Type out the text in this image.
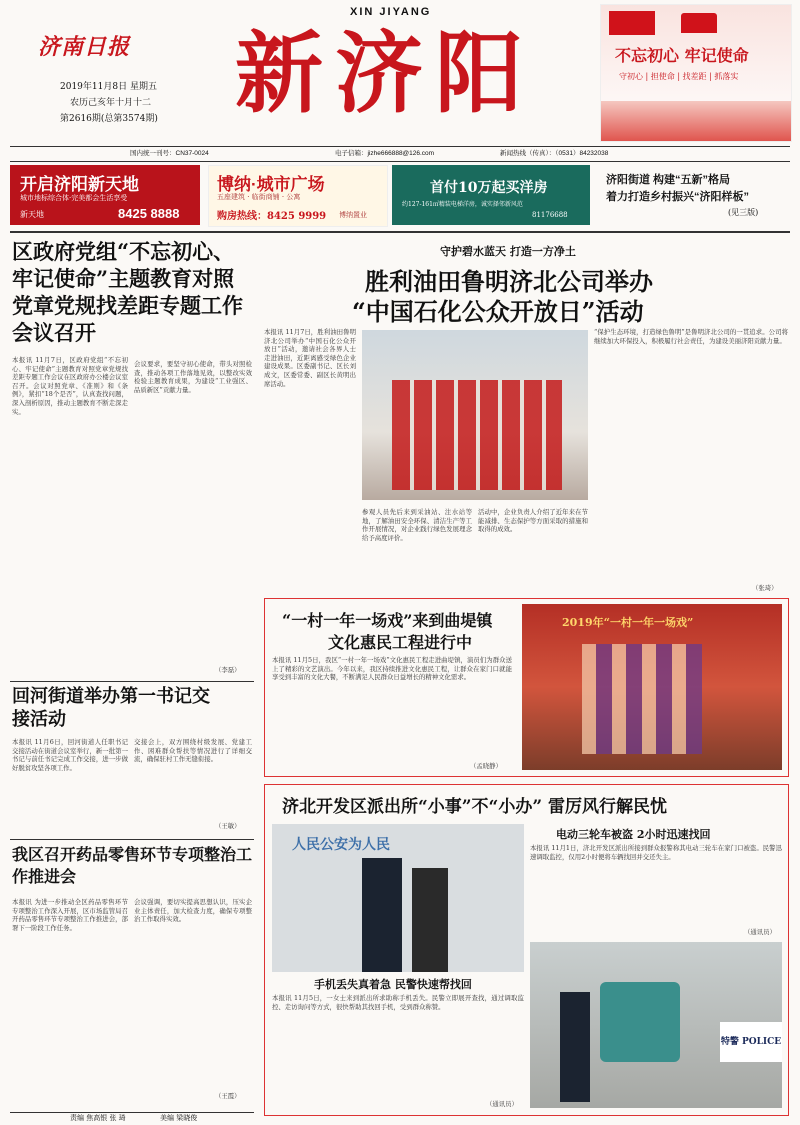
济南日报
2019年11月8日 星期五
农历己亥年十月十二
第2616期(总第3574期)
XIN JIYANG
新济阳	不忘初心 牢记使命
守初心 | 担使命 | 找差距 | 抓落实
国内统一刊号：CN37-0024	电子信箱：jizhe666888@126.com	新闻热线（传真）：（0531）84232038
开启济阳新天地
城市地标综合体·完美都会生活享受
新天地	8425 8888
博纳·城市广场
五座建筑 · 临街商铺 · 公寓
购房热线：8425 9999 博纳置业
首付10万起买洋房
约127-161㎡精装电梯洋房，诚实择邻新风范
81176688
济阳街道 构建“五新”格局
着力打造乡村振兴“济阳样板”
(见三版)
区政府党组“不忘初心、牢记使命”主题教育对照党章党规找差距专题工作会议召开
本报讯 11月7日，区政府党组“不忘初心、牢记使命”主题教育对照党章党规找差距专题工作会议在区政府办公楼会议室召开。会议对照党章、《准则》和《条例》，紧扣“18个是否”，认真查找问题，深入剖析原因，推动主题教育不断走深走实。
会议要求，要坚守初心使命，带头对照检查，推动各项工作落地见效，以整改实效检验主题教育成果，为建设“工业强区、品质新区”贡献力量。
（李磊）
回河街道举办第一书记交接活动
本报讯 11月6日，回河街道人任职书记交接活动在街道会议室举行，新一批第一书记与前任书记完成工作交接，进一步做好脱贫攻坚各项工作。
交接会上，双方围绕村级发展、党建工作、困难群众帮扶等情况进行了详细交流，确保驻村工作无缝衔接。
（王敏）
我区召开药品零售环节专项整治工作推进会
本报讯 为进一步推动全区药品零售环节专项整治工作深入开展，区市场监管局召开药品零售环节专项整治工作推进会，部署下一阶段工作任务。
会议强调，要切实提高思想认识，压实企业主体责任，加大检查力度，确保专项整治工作取得实效。
（王霞）
守护碧水蓝天 打造一方净土
胜利油田鲁明济北公司举办
“中国石化公众开放日”活动
本报讯 11月7日，胜利油田鲁明济北公司举办“中国石化公众开放日”活动，邀请社会各界人士走进油田，近距离感受绿色企业建设成果。区委副书记、区长刘成文，区委常委、副区长黄明出席活动。
参观人员先后来到采油站、注水站等地，了解油田安全环保、清洁生产等工作开展情况，对企业践行绿色发展理念给予高度评价。
活动中，企业负责人介绍了近年来在节能减排、生态保护等方面采取的措施和取得的成效。
“保护生态环境，打造绿色鲁明”是鲁明济北公司的一贯追求。公司将继续加大环保投入，积极履行社会责任，为建设美丽济阳贡献力量。
（张琦）
“一村一年一场戏”来到曲堤镇
文化惠民工程进行中
本报讯 11月5日，我区“一村一年一场戏”文化惠民工程走进曲堤镇，演员们为群众送上了精彩的文艺演出。今年以来，我区持续推进文化惠民工程，让群众在家门口就能享受到丰富的文化大餐，不断满足人民群众日益增长的精神文化需求。
（孟晓静）
2019年“一村一年一场戏”
济北开发区派出所“小事”不“小办” 雷厉风行解民忧
人民公安为人民
手机丢失真着急 民警快速帮找回
本报讯 11月5日，一女士来到派出所求助称手机丢失。民警立即展开查找，通过调取监控、走访询问等方式，很快帮助其找回手机，受到群众称赞。
（通讯员）
电动三轮车被盗 2小时迅速找回
本报讯 11月1日，济北开发区派出所接到群众报警称其电动三轮车在家门口被盗。民警迅速调取监控，仅用2小时便将车辆找回并交还失主。
（通讯员）
特警 POLICE
责编 焦高银 张 琦	美编 梁晓俊
